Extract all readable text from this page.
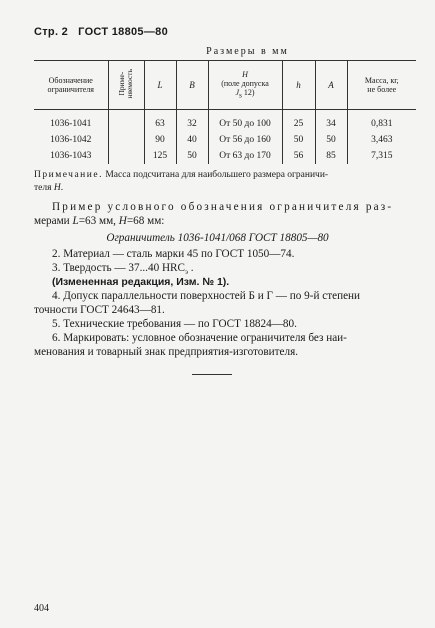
Стр. 2 ГОСТ 18805—80
Размеры в мм
Обозначение
ограничителя	Приме-
няемость	L	B	H
(поле допуска
$J_s$ 12)	h	A	Масса, кг,
не более
1036-1041		63	32	От 50 до 100	25	34	0,831
1036-1042		90	40	От 56 до 160	50	50	3,463
1036-1043		125	50	От 63 до 170	56	85	7,315
Примечание. Масса подсчитана для наибольшего размера ограничи-
теля H.
Пример условного обозначения ограничителя раз-
мерами L=63 мм, H=68 мм:
Ограничитель 1036-1041/068 ГОСТ 18805—80
2. Материал — сталь марки 45 по ГОСТ 1050—74.
3. Твердость — 37...40 $HRC_э$ .
(Измененная редакция, Изм. № 1).
4. Допуск параллельности поверхностей Б и Г — по 9-й степени
точности ГОСТ 24643—81.
5. Технические требования — по ГОСТ 18824—80.
6. Маркировать: условное обозначение ограничителя без наи-
менования и товарный знак предприятия-изготовителя.
404
